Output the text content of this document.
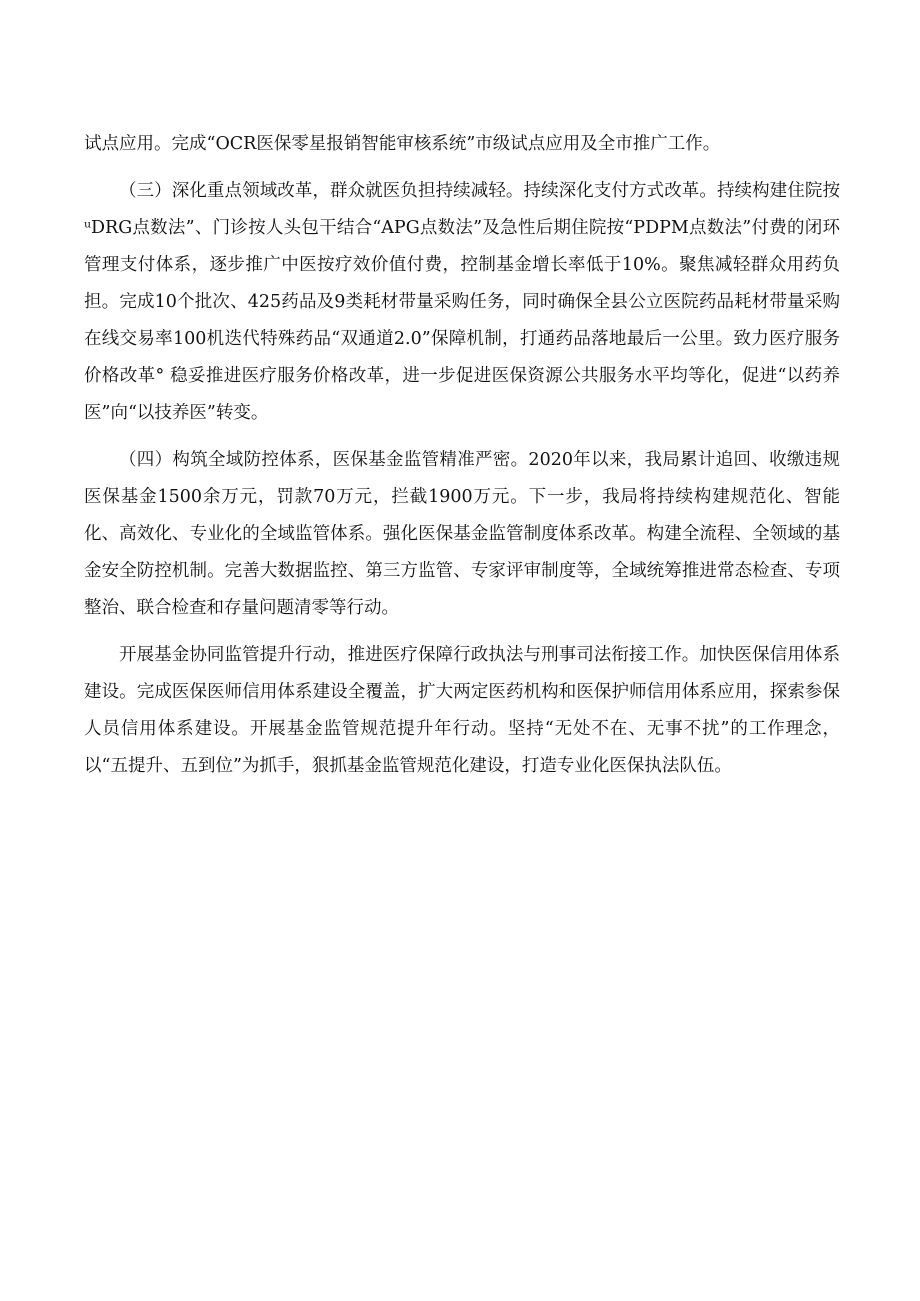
试点应用。完成“OCR医保零星报销智能审核系统”市级试点应用及全市推广工作。

（三）深化重点领域改革，群众就医负担持续减轻。持续深化支付方式改革。持续构建住院按ᵘDRG点数法”、门诊按人头包干结合“APG点数法”及急性后期住院按“PDPM点数法”付费的闭环管理支付体系，逐步推广中医按疗效价值付费，控制基金增长率低于10%。聚焦减轻群众用药负担。完成10个批次、425药品及9类耗材带量采购任务，同时确保全县公立医院药品耗材带量采购在线交易率100机迭代特殊药品“双通道2.0”保障机制，打通药品落地最后一公里。致力医疗服务价格改革° 稳妥推进医疗服务价格改革，进一步促进医保资源公共服务水平均等化，促进“以药养医”向“以技养医”转变。

（四）构筑全域防控体系，医保基金监管精准严密。2020年以来，我局累计追回、收缴违规医保基金1500余万元，罚款70万元，拦截1900万元。下一步，我局将持续构建规范化、智能化、高效化、专业化的全域监管体系。强化医保基金监管制度体系改革。构建全流程、全领域的基金安全防控机制。完善大数据监控、第三方监管、专家评审制度等，全域统筹推进常态检查、专项整治、联合检查和存量问题清零等行动。

开展基金协同监管提升行动，推进医疗保障行政执法与刑事司法衔接工作。加快医保信用体系建设。完成医保医师信用体系建设全覆盖，扩大两定医药机构和医保护师信用体系应用，探索参保人员信用体系建设。开展基金监管规范提升年行动。坚持“无处不在、无事不扰”的工作理念，以“五提升、五到位”为抓手，狠抓基金监管规范化建设，打造专业化医保执法队伍。
